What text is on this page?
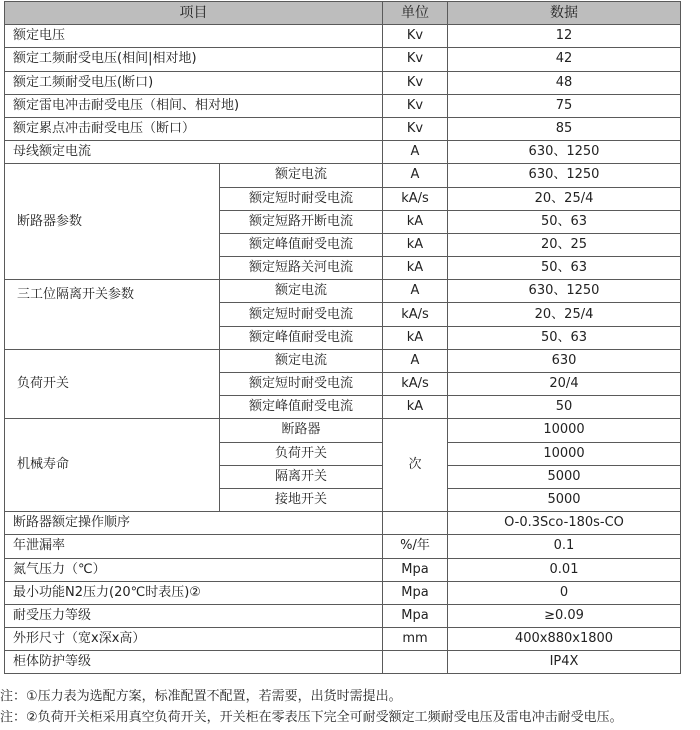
项目		单位	数据
额定电压		Kv	12
额定工频耐受电压(相间|相对地)		Kv	42
额定工频耐受电压(断口)		Kv	48
额定雷电冲击耐受电压（相间、相对地)		Kv	75
额定累点冲击耐受电压（断口）		Kv	85
母线额定电流		A	630、1250
断路器参数	额定电流	A	630、1250
	额定短时耐受电流	kA/s	20、25/4
	额定短路开断电流	kA	50、63
	额定峰值耐受电流	kA	20、25
	额定短路关河电流	kA	50、63
三工位隔离开关参数	额定电流	A	630、1250
	额定短时耐受电流	kA/s	20、25/4
	额定峰值耐受电流	kA	50、63
负荷开关	额定电流	A	630
	额定短时耐受电流	kA/s	20/4
	额定峰值耐受电流	kA	50
机械寿命	断路器	次	10000
	负荷开关		10000
	隔离开关		5000
	接地开关		5000
断路器额定操作顺序			O-0.3Sco-180s-CO
年泄漏率		%/年	0.1
氮气压力（℃）		Mpa	0.01
最小功能N2压力(20℃时表压)②		Mpa	0
耐受压力等级		Mpa	≥0.09
外形尺寸（宽x深x高）		mm	400x880x1800
柜体防护等级			IP4X
注：①压力表为选配方案，标准配置不配置，若需要，出货时需提出。
注：②负荷开关柜采用真空负荷开关，开关柜在零表压下完全可耐受额定工频耐受电压及雷电冲击耐受电压。
